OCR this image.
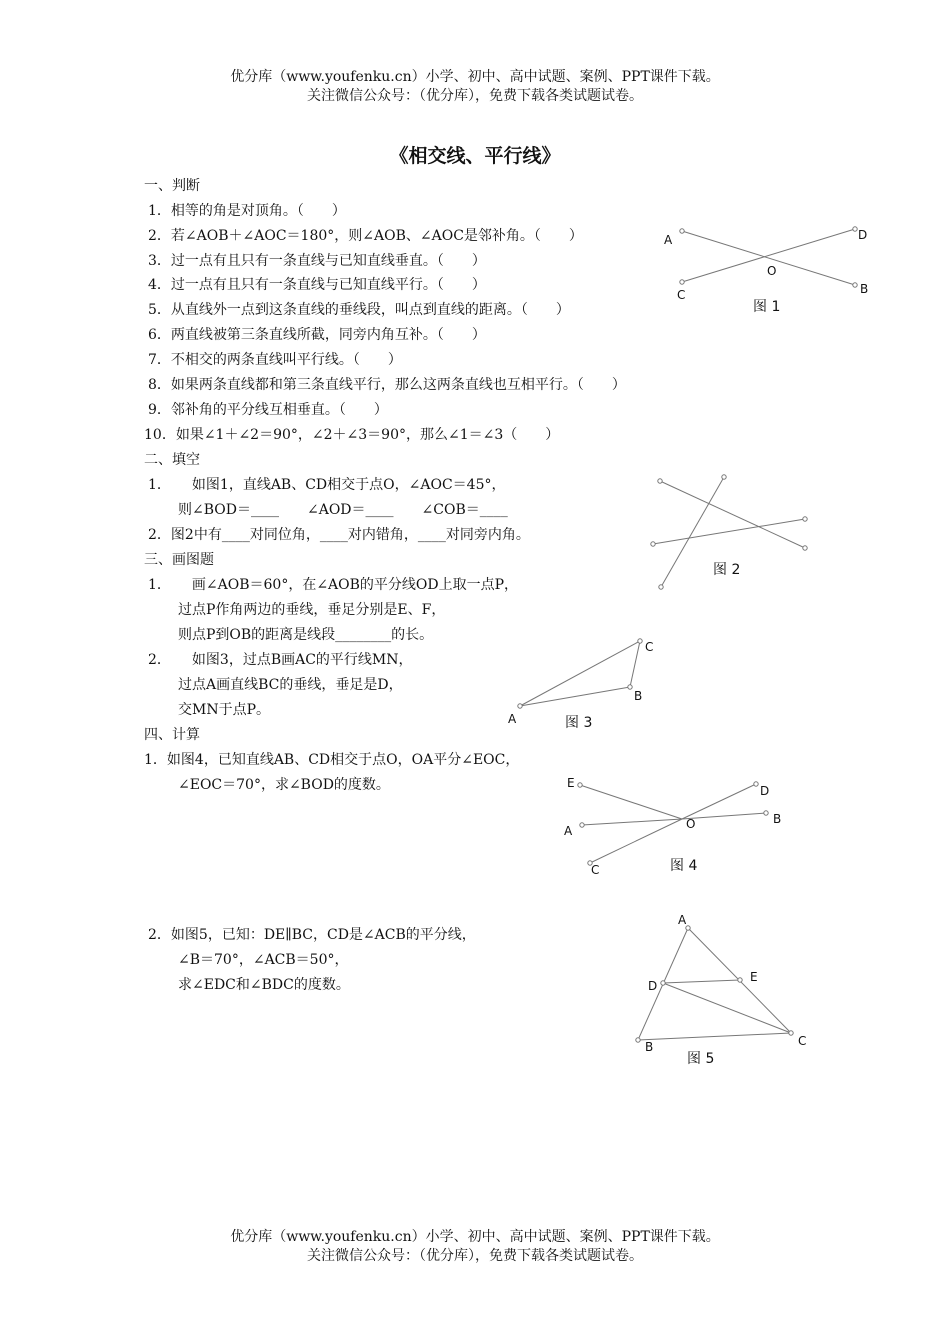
优分库（www.youfenku.cn）小学、初中、高中试题、案例、PPT课件下载。
关注微信公众号：（优分库），免费下载各类试题试卷。
《相交线、平行线》
一、判断
1．相等的角是对顶角。（　　）
2．若∠AOB＋∠AOC＝180°，则∠AOB、∠AOC是邻补角。（　　）
3．过一点有且只有一条直线与已知直线垂直。（　　）
4．过一点有且只有一条直线与已知直线平行。（　　）
5．从直线外一点到这条直线的垂线段，叫点到直线的距离。（　　）
6．两直线被第三条直线所截，同旁内角互补。（　　）
7．不相交的两条直线叫平行线。（　　）
8．如果两条直线都和第三条直线平行，那么这两条直线也互相平行。（　　）
9．邻补角的平分线互相垂直。（　　）
10．如果∠1＋∠2＝90°，∠2＋∠3＝90°，那么∠1＝∠3（　　）
二、填空
1．　　如图1，直线AB、CD相交于点O，∠AOC＝45°，
则∠BOD＝____　　∠AOD＝____　　∠COB＝____
2．图2中有____对同位角，____对内错角，____对同旁内角。
三、画图题
1．　　画∠AOB＝60°，在∠AOB的平分线OD上取一点P，
过点P作角两边的垂线，垂足分别是E、F，
则点P到OB的距离是线段________的长。
2．　　如图3，过点B画AC的平行线MN，
过点A画直线BC的垂线，垂足是D，
交MN于点P。
四、计算
1．如图4，已知直线AB、CD相交于点O，OA平分∠EOC，
∠EOC＝70°，求∠BOD的度数。
2．如图5，已知：DE∥BC，CD是∠ACB的平分线，
∠B＝70°，∠ACB＝50°，
求∠EDC和∠BDC的度数。
A	D
O
C	B
图 1
图 2
C
B
A	图 3
E
D
A	O	B
C	图 4
A
D
E
B	C
图 5
优分库（www.youfenku.cn）小学、初中、高中试题、案例、PPT课件下载。
关注微信公众号：（优分库），免费下载各类试题试卷。
